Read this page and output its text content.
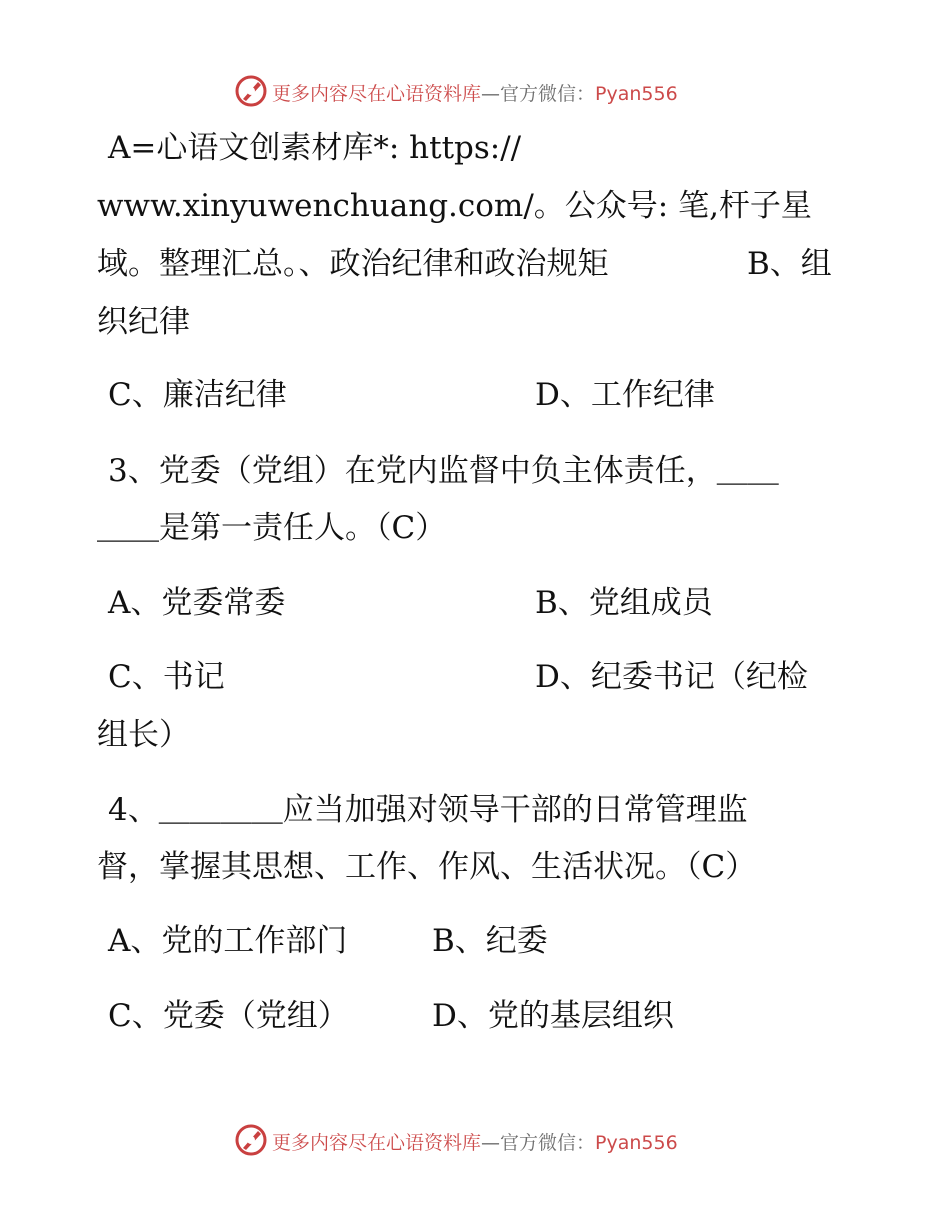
更多内容尽在心语资料库—官方微信：Pyan556
A=心语文创素材库*: https://
www.xinyuwenchuang.com/。公众号: 笔,杆子星
域。整理汇总。、政治纪律和政治规矩	B、组
织纪律
C、廉洁纪律	D、工作纪律
3、党委（党组）在党内监督中负主体责任，＿＿
＿＿是第一责任人。（C）
A、党委常委	B、党组成员
C、书记	D、纪委书记（纪检
组长）
4、＿＿＿＿应当加强对领导干部的日常管理监
督，掌握其思想、工作、作风、生活状况。（C）
A、党的工作部门	B、纪委
C、党委（党组）	D、党的基层组织
更多内容尽在心语资料库—官方微信：Pyan556
